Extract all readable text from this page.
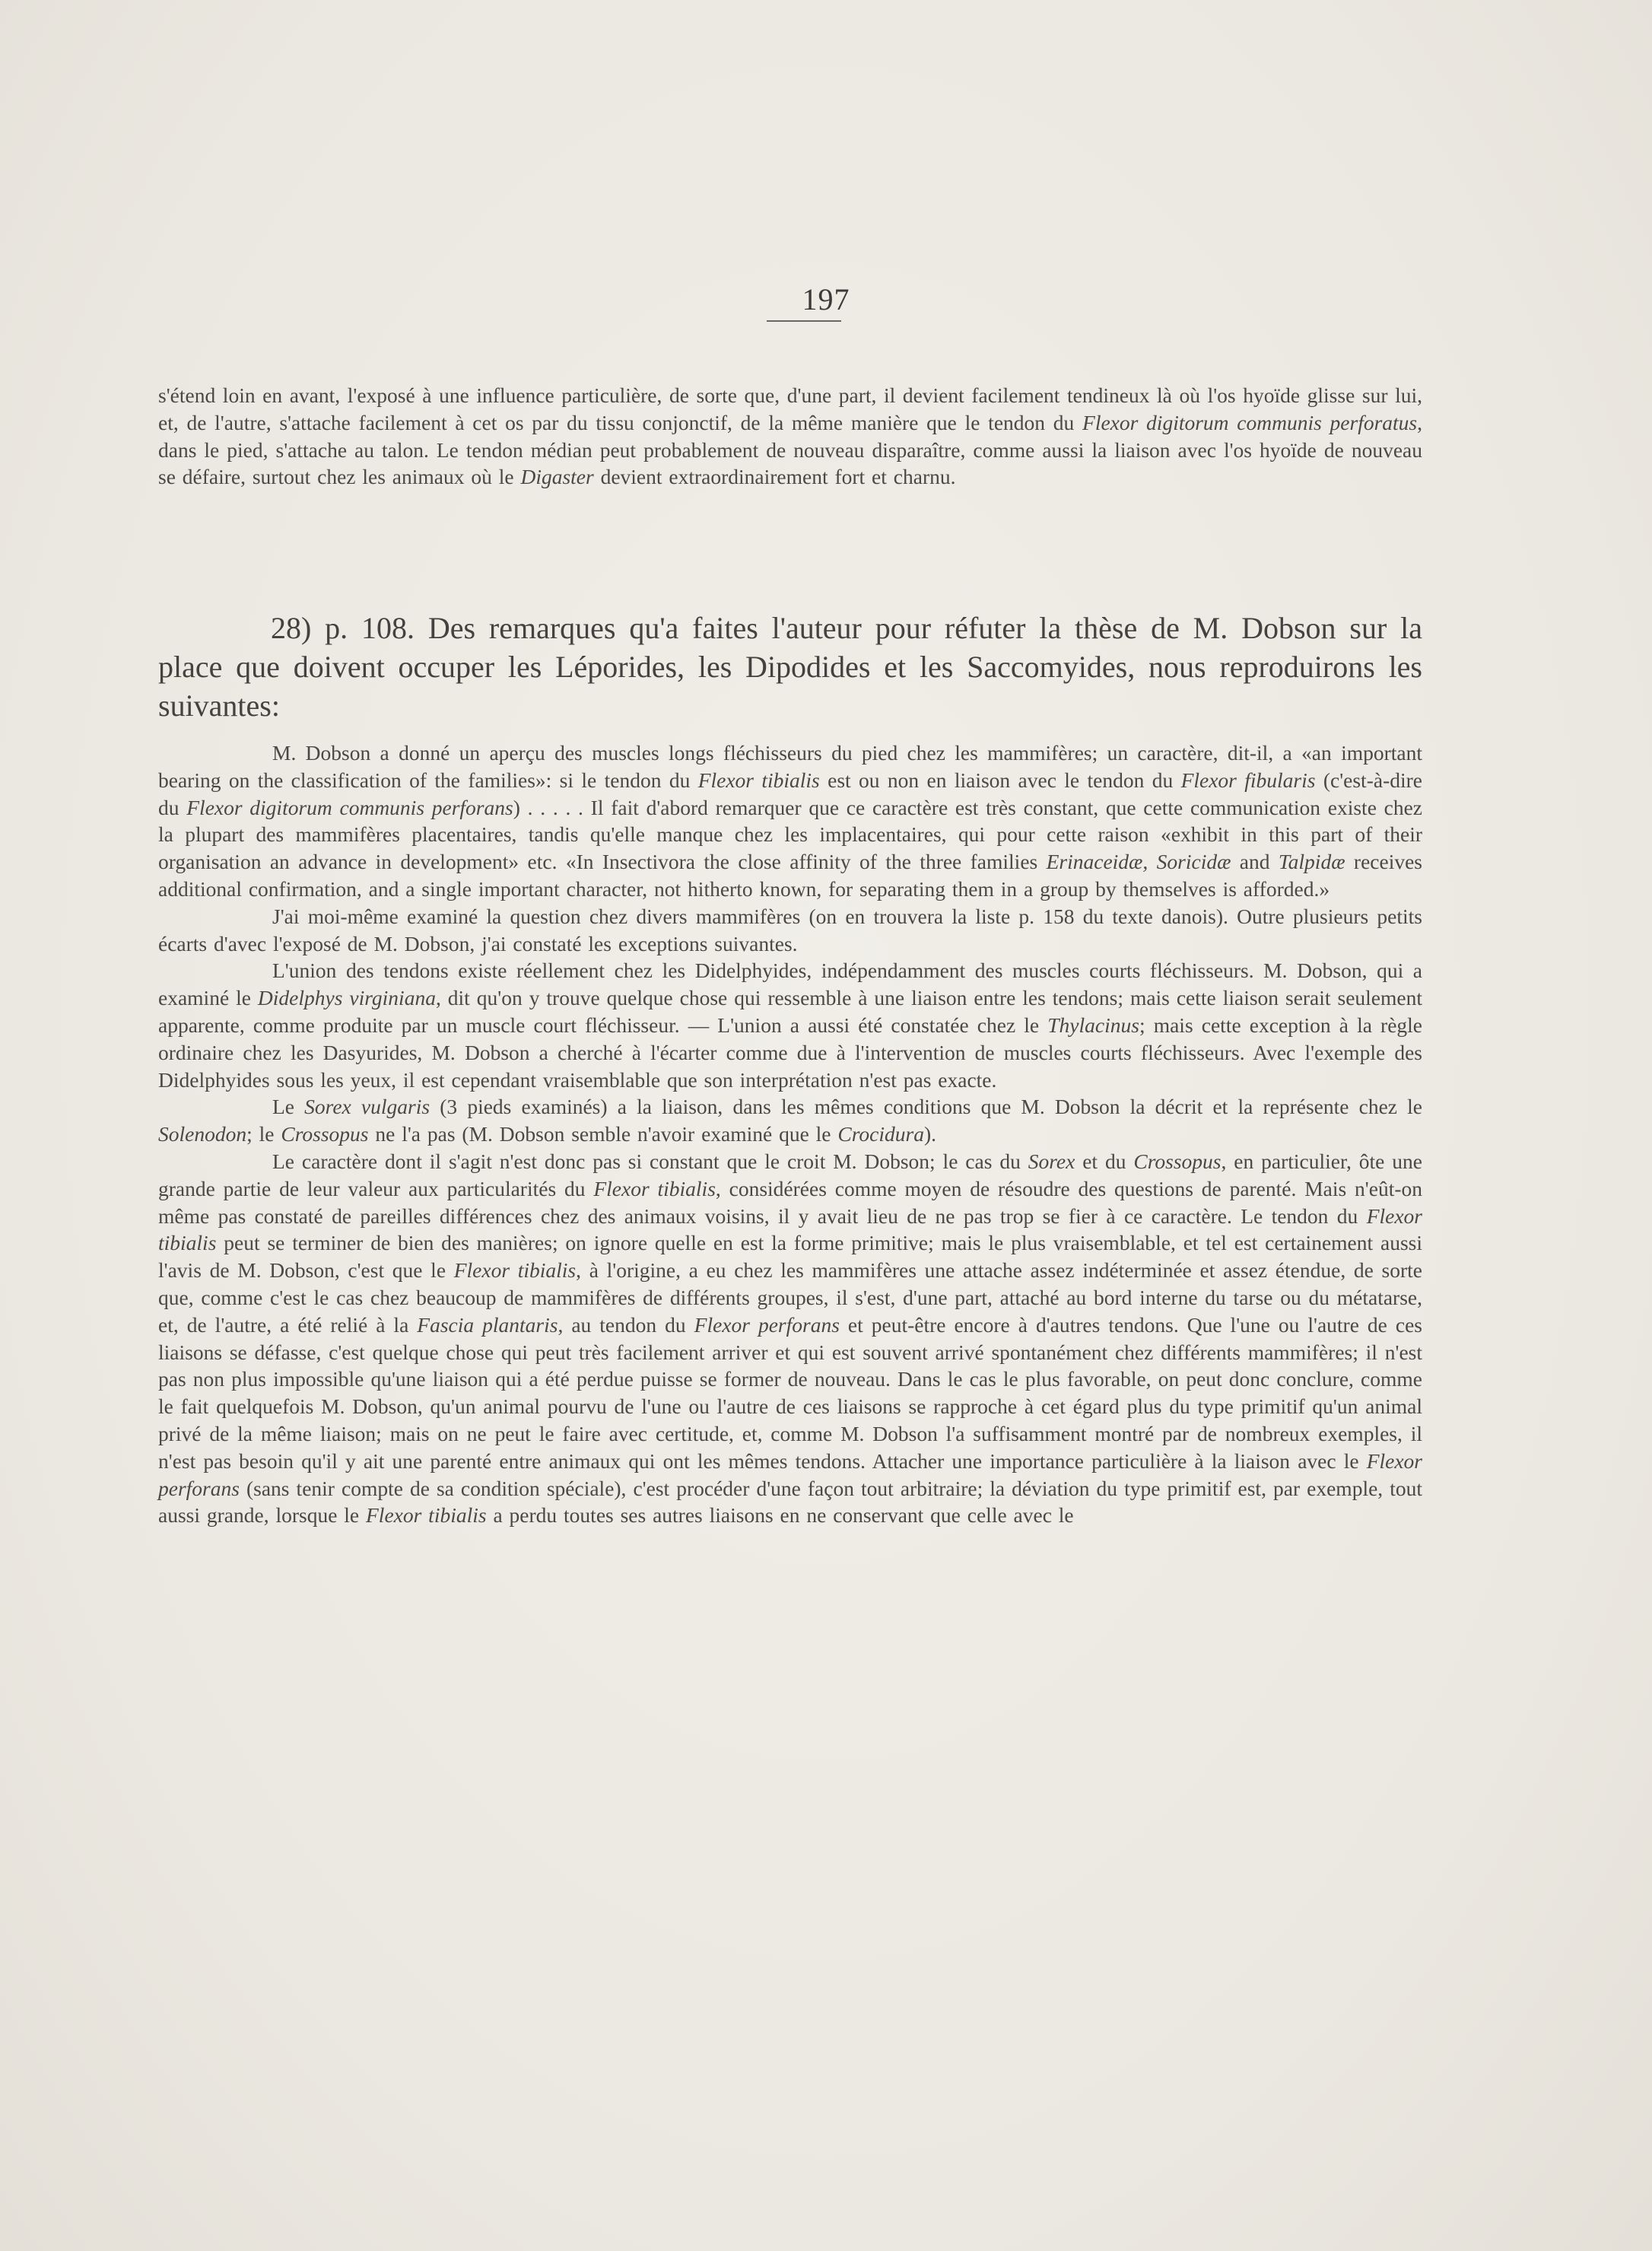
197

s'étend loin en avant, l'exposé à une influence particulière, de sorte que, d'une part, il devient facilement tendineux là où l'os hyoïde glisse sur lui, et, de l'autre, s'attache facilement à cet os par du tissu conjonctif, de la même manière que le tendon du Flexor digitorum communis perforatus, dans le pied, s'attache au talon. Le tendon médian peut probablement de nouveau disparaître, comme aussi la liaison avec l'os hyoïde de nouveau se défaire, surtout chez les animaux où le Digaster devient extraordinairement fort et charnu.

28) p. 108. Des remarques qu'a faites l'auteur pour réfuter la thèse de M. Dobson sur la place que doivent occuper les Léporides, les Dipodides et les Saccomyides, nous reproduirons les suivantes:

M. Dobson a donné un aperçu des muscles longs fléchisseurs du pied chez les mammifères; un caractère, dit-il, a «an important bearing on the classification of the families»: si le tendon du Flexor tibialis est ou non en liaison avec le tendon du Flexor fibularis (c'est-à-dire du Flexor digitorum communis perforans) . . . . . Il fait d'abord remarquer que ce caractère est très constant, que cette communication existe chez la plupart des mammifères placentaires, tandis qu'elle manque chez les implacentaires, qui pour cette raison «exhibit in this part of their organisation an advance in development» etc. «In Insectivora the close affinity of the three families Erinaceidæ, Soricidæ and Talpidæ receives additional confirmation, and a single important character, not hitherto known, for separating them in a group by themselves is afforded.»

J'ai moi-même examiné la question chez divers mammifères (on en trouvera la liste p. 158 du texte danois). Outre plusieurs petits écarts d'avec l'exposé de M. Dobson, j'ai constaté les exceptions suivantes.

L'union des tendons existe réellement chez les Didelphyides, indépendamment des muscles courts fléchisseurs. M. Dobson, qui a examiné le Didelphys virginiana, dit qu'on y trouve quelque chose qui ressemble à une liaison entre les tendons; mais cette liaison serait seulement apparente, comme produite par un muscle court fléchisseur. — L'union a aussi été constatée chez le Thylacinus; mais cette exception à la règle ordinaire chez les Dasyurides, M. Dobson a cherché à l'écarter comme due à l'intervention de muscles courts fléchisseurs. Avec l'exemple des Didelphyides sous les yeux, il est cependant vraisemblable que son interprétation n'est pas exacte.

Le Sorex vulgaris (3 pieds examinés) a la liaison, dans les mêmes conditions que M. Dobson la décrit et la représente chez le Solenodon; le Crossopus ne l'a pas (M. Dobson semble n'avoir examiné que le Crocidura).

Le caractère dont il s'agit n'est donc pas si constant que le croit M. Dobson; le cas du Sorex et du Crossopus, en particulier, ôte une grande partie de leur valeur aux particularités du Flexor tibialis, considérées comme moyen de résoudre des questions de parenté. Mais n'eût-on même pas constaté de pareilles différences chez des animaux voisins, il y avait lieu de ne pas trop se fier à ce caractère. Le tendon du Flexor tibialis peut se terminer de bien des manières; on ignore quelle en est la forme primitive; mais le plus vraisemblable, et tel est certainement aussi l'avis de M. Dobson, c'est que le Flexor tibialis, à l'origine, a eu chez les mammifères une attache assez indéterminée et assez étendue, de sorte que, comme c'est le cas chez beaucoup de mammifères de différents groupes, il s'est, d'une part, attaché au bord interne du tarse ou du métatarse, et, de l'autre, a été relié à la Fascia plantaris, au tendon du Flexor perforans et peut-être encore à d'autres tendons. Que l'une ou l'autre de ces liaisons se défasse, c'est quelque chose qui peut très facilement arriver et qui est souvent arrivé spontanément chez différents mammifères; il n'est pas non plus impossible qu'une liaison qui a été perdue puisse se former de nouveau. Dans le cas le plus favorable, on peut donc conclure, comme le fait quelquefois M. Dobson, qu'un animal pourvu de l'une ou l'autre de ces liaisons se rapproche à cet égard plus du type primitif qu'un animal privé de la même liaison; mais on ne peut le faire avec certitude, et, comme M. Dobson l'a suffisamment montré par de nombreux exemples, il n'est pas besoin qu'il y ait une parenté entre animaux qui ont les mêmes tendons. Attacher une importance particulière à la liaison avec le Flexor perforans (sans tenir compte de sa condition spéciale), c'est procéder d'une façon tout arbitraire; la déviation du type primitif est, par exemple, tout aussi grande, lorsque le Flexor tibialis a perdu toutes ses autres liaisons en ne conservant que celle avec le
